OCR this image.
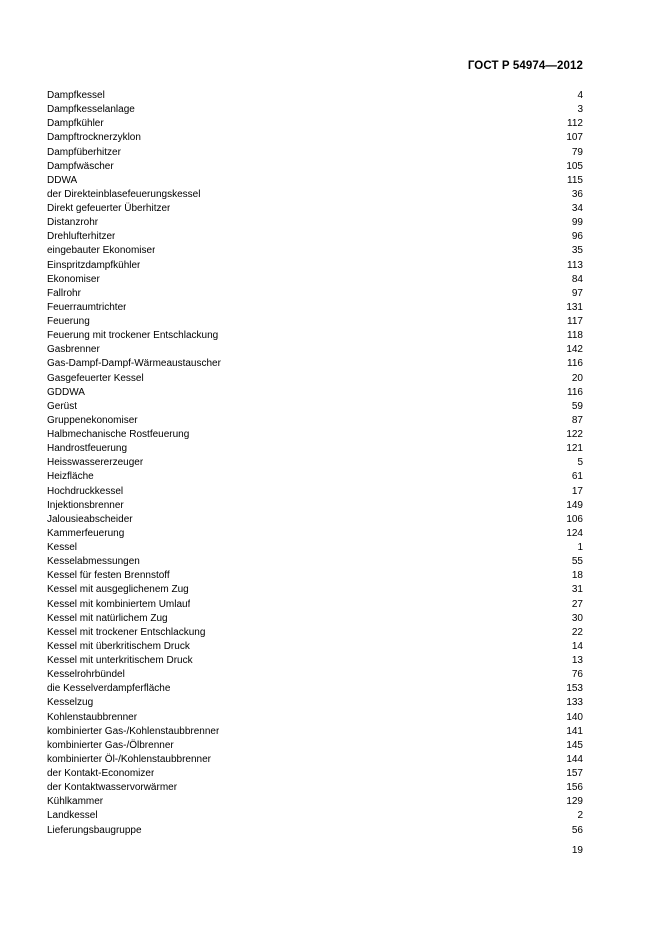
ГОСТ Р 54974—2012
Dampfkessel	4
Dampfkesselanlage	3
Dampfkühler	112
Dampftrocknerzyklon	107
Dampfüberhitzer	79
Dampfwäscher	105
DDWA	115
der Direkteinblasefeuerungskessel	36
Direkt gefeuerter Überhitzer	34
Distanzrohr	99
Drehlufterhitzer	96
eingebauter Ekonomiser	35
Einspritzdampfkühler	113
Ekonomiser	84
Fallrohr	97
Feuerraumtrichter	131
Feuerung	117
Feuerung mit trockener Entschlackung	118
Gasbrenner	142
Gas-Dampf-Dampf-Wärmeaustauscher	116
Gasgefeuerter Kessel	20
GDDWA	116
Gerüst	59
Gruppenekonomiser	87
Halbmechanische Rostfeuerung	122
Handrostfeuerung	121
Heisswassererzeuger	5
Heizfläche	61
Hochdruckkessel	17
Injektionsbrenner	149
Jalousieabscheider	106
Kammerfeuerung	124
Kessel	1
Kesselabmessungen	55
Kessel für festen Brennstoff	18
Kessel mit ausgeglichenem Zug	31
Kessel mit kombiniertem Umlauf	27
Kessel mit natürlichem Zug	30
Kessel mit trockener Entschlackung	22
Kessel mit überkritischem Druck	14
Kessel mit unterkritischem Druck	13
Kesselrohrbündel	76
die Kesselverdampferfläche	153
Kesselzug	133
Kohlenstaubbrenner	140
kombinierter Gas-/Kohlenstaubbrenner	141
kombinierter Gas-/Ölbrenner	145
kombinierter Öl-/Kohlenstaubbrenner	144
der Kontakt-Economizer	157
der Kontaktwasservorwärmer	156
Kühlkammer	129
Landkessel	2
Lieferungsbaugruppe	56
19
